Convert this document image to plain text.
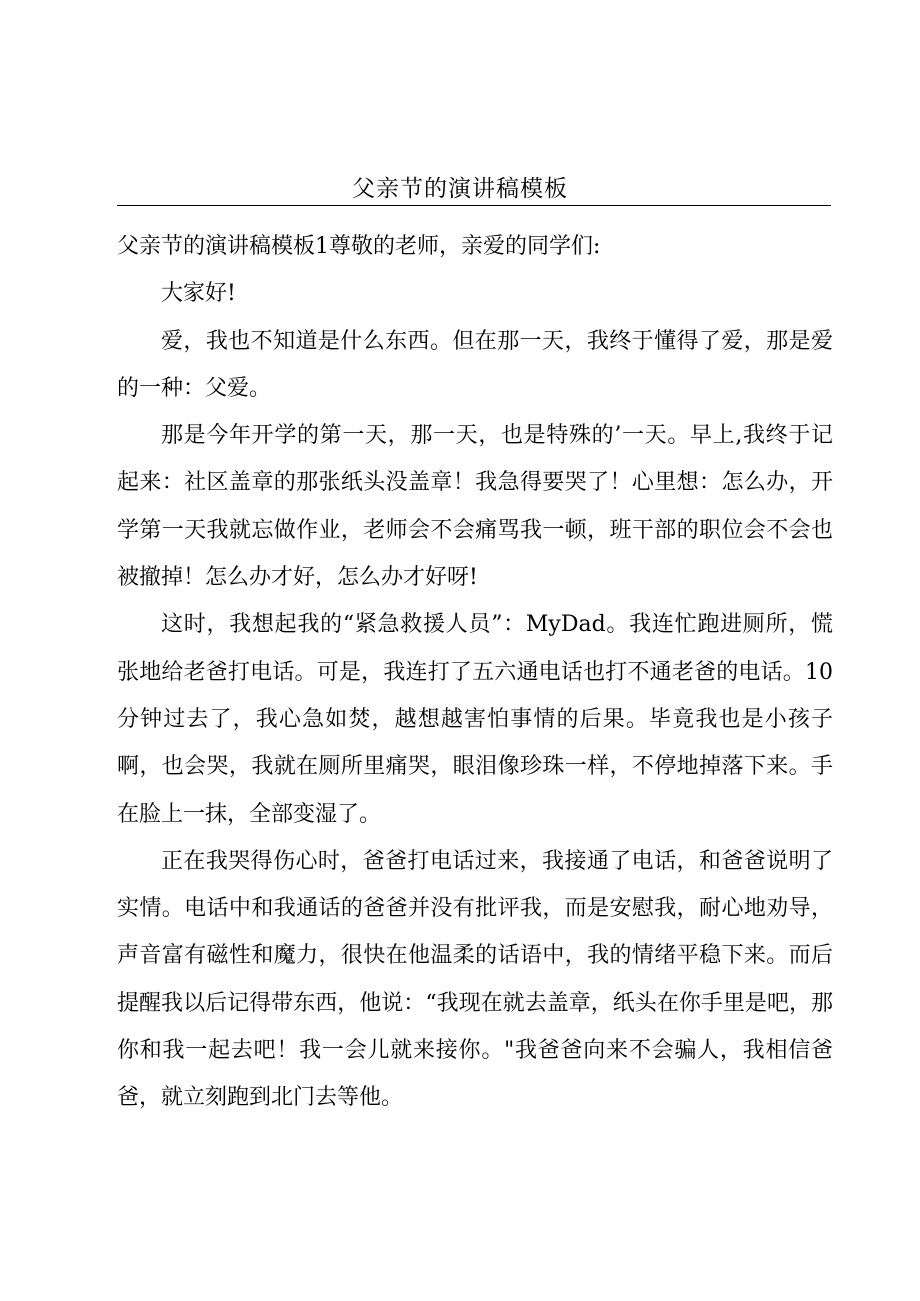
父亲节的演讲稿模板

父亲节的演讲稿模板1尊敬的老师，亲爱的同学们:

大家好!

爱，我也不知道是什么东西。但在那一天，我终于懂得了爱，那是爱的一种：父爱。

那是今年开学的第一天，那一天，也是特殊的’一天。早上,我终于记起来：社区盖章的那张纸头没盖章！我急得要哭了！心里想：怎么办，开学第一天我就忘做作业，老师会不会痛骂我一顿，班干部的职位会不会也被撤掉！怎么办才好，怎么办才好呀!

这时，我想起我的“紧急救援人员”：MyDad。我连忙跑进厕所，慌张地给老爸打电话。可是，我连打了五六通电话也打不通老爸的电话。10分钟过去了，我心急如焚，越想越害怕事情的后果。毕竟我也是小孩子啊，也会哭，我就在厕所里痛哭，眼泪像珍珠一样，不停地掉落下来。手在脸上一抹，全部变湿了。

正在我哭得伤心时，爸爸打电话过来，我接通了电话，和爸爸说明了实情。电话中和我通话的爸爸并没有批评我，而是安慰我，耐心地劝导，声音富有磁性和魔力，很快在他温柔的话语中，我的情绪平稳下来。而后提醒我以后记得带东西，他说：“我现在就去盖章，纸头在你手里是吧，那你和我一起去吧！我一会儿就来接你。"我爸爸向来不会骗人，我相信爸爸，就立刻跑到北门去等他。
